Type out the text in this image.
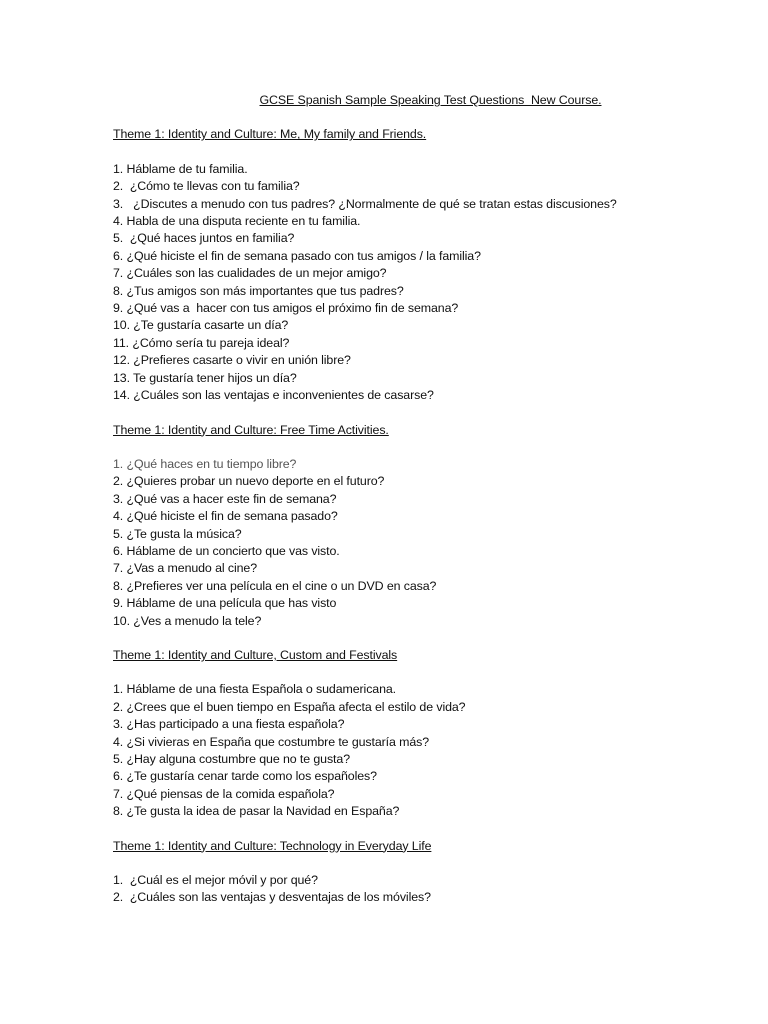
GCSE Spanish Sample Speaking Test Questions  New Course.

Theme 1: Identity and Culture: Me, My family and Friends.

1. Háblame de tu familia.
2.  ¿Cómo te llevas con tu familia?
3.   ¿Discutes a menudo con tus padres? ¿Normalmente de qué se tratan estas discusiones?
4. Habla de una disputa reciente en tu familia.
5.  ¿Qué haces juntos en familia?
6. ¿Qué hiciste el fin de semana pasado con tus amigos / la familia?
7. ¿Cuáles son las cualidades de un mejor amigo?
8. ¿Tus amigos son más importantes que tus padres?
9. ¿Qué vas a  hacer con tus amigos el próximo fin de semana?
10. ¿Te gustaría casarte un día?
11. ¿Cómo sería tu pareja ideal?
12. ¿Prefieres casarte o vivir en unión libre?
13. Te gustaría tener hijos un día?
14. ¿Cuáles son las ventajas e inconvenientes de casarse?

Theme 1: Identity and Culture: Free Time Activities.

1. ¿Qué haces en tu tiempo libre?
2. ¿Quieres probar un nuevo deporte en el futuro?
3. ¿Qué vas a hacer este fin de semana?
4. ¿Qué hiciste el fin de semana pasado?
5. ¿Te gusta la música?
6. Háblame de un concierto que vas visto.
7. ¿Vas a menudo al cine?
8. ¿Prefieres ver una película en el cine o un DVD en casa?
9. Háblame de una película que has visto
10. ¿Ves a menudo la tele?

Theme 1: Identity and Culture, Custom and Festivals

1. Háblame de una fiesta Española o sudamericana.
2. ¿Crees que el buen tiempo en España afecta el estilo de vida?
3. ¿Has participado a una fiesta española?
4. ¿Si vivieras en España que costumbre te gustaría más?
5. ¿Hay alguna costumbre que no te gusta?
6. ¿Te gustaría cenar tarde como los españoles?
7. ¿Qué piensas de la comida española?
8. ¿Te gusta la idea de pasar la Navidad en España?

Theme 1: Identity and Culture: Technology in Everyday Life

1.  ¿Cuál es el mejor móvil y por qué?
2.  ¿Cuáles son las ventajas y desventajas de los móviles?
